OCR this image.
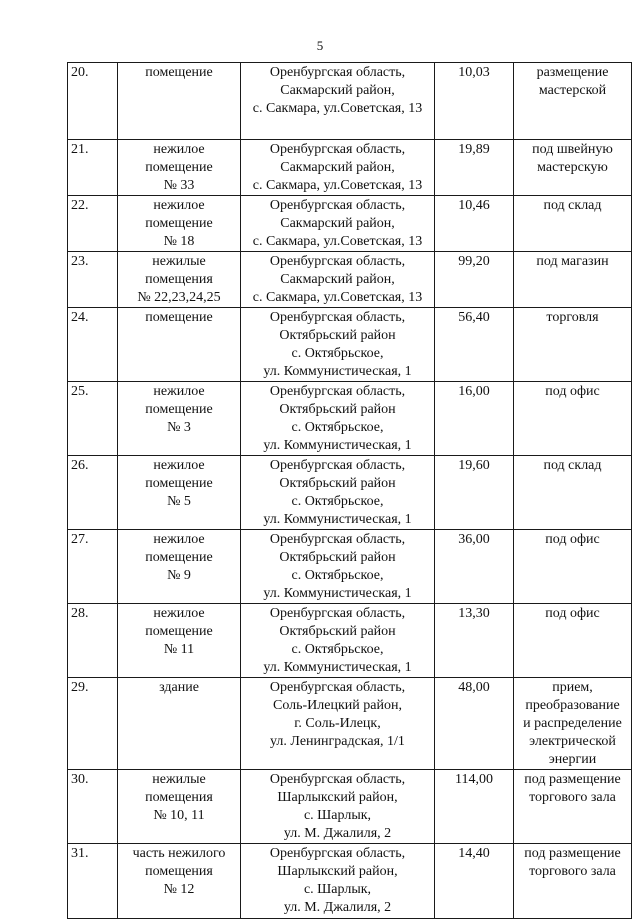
5
20.	помещение	Оренбургская область,
Сакмарский район,
с. Сакмара, ул.Советская, 13	10,03	размещение
мастерской

21.	нежилое
помещение
№ 33	Оренбургская область,
Сакмарский район,
с. Сакмара, ул.Советская, 13	19,89	под швейную
мастерскую

22.	нежилое
помещение
№ 18	Оренбургская область,
Сакмарский район,
с. Сакмара, ул.Советская, 13	10,46	под склад

23.	нежилые
помещения
№ 22,23,24,25	Оренбургская область,
Сакмарский район,
с. Сакмара, ул.Советская, 13	99,20	под магазин

24.	помещение	Оренбургская область,
Октябрьский район
с. Октябрьское,
ул. Коммунистическая, 1	56,40	торговля

25.	нежилое
помещение
№ 3	Оренбургская область,
Октябрьский район
с. Октябрьское,
ул. Коммунистическая, 1	16,00	под офис

26.	нежилое
помещение
№ 5	Оренбургская область,
Октябрьский район
с. Октябрьское,
ул. Коммунистическая, 1	19,60	под склад

27.	нежилое
помещение
№ 9	Оренбургская область,
Октябрьский район
с. Октябрьское,
ул. Коммунистическая, 1	36,00	под офис

28.	нежилое
помещение
№ 11	Оренбургская область,
Октябрьский район
с. Октябрьское,
ул. Коммунистическая, 1	13,30	под офис

29.	здание	Оренбургская область,
Соль-Илецкий район,
г. Соль-Илецк,
ул. Ленинградская, 1/1	48,00	прием,
преобразование
и распределение
электрической
энергии

30.	нежилые
помещения
№ 10, 11	Оренбургская область,
Шарлыкский район,
с. Шарлык,
ул. М. Джалиля, 2	114,00	под размещение
торгового зала

31.	часть нежилого
помещения
№ 12	Оренбургская область,
Шарлыкский район,
с. Шарлык,
ул. М. Джалиля, 2	14,40	под размещение
торгового зала
